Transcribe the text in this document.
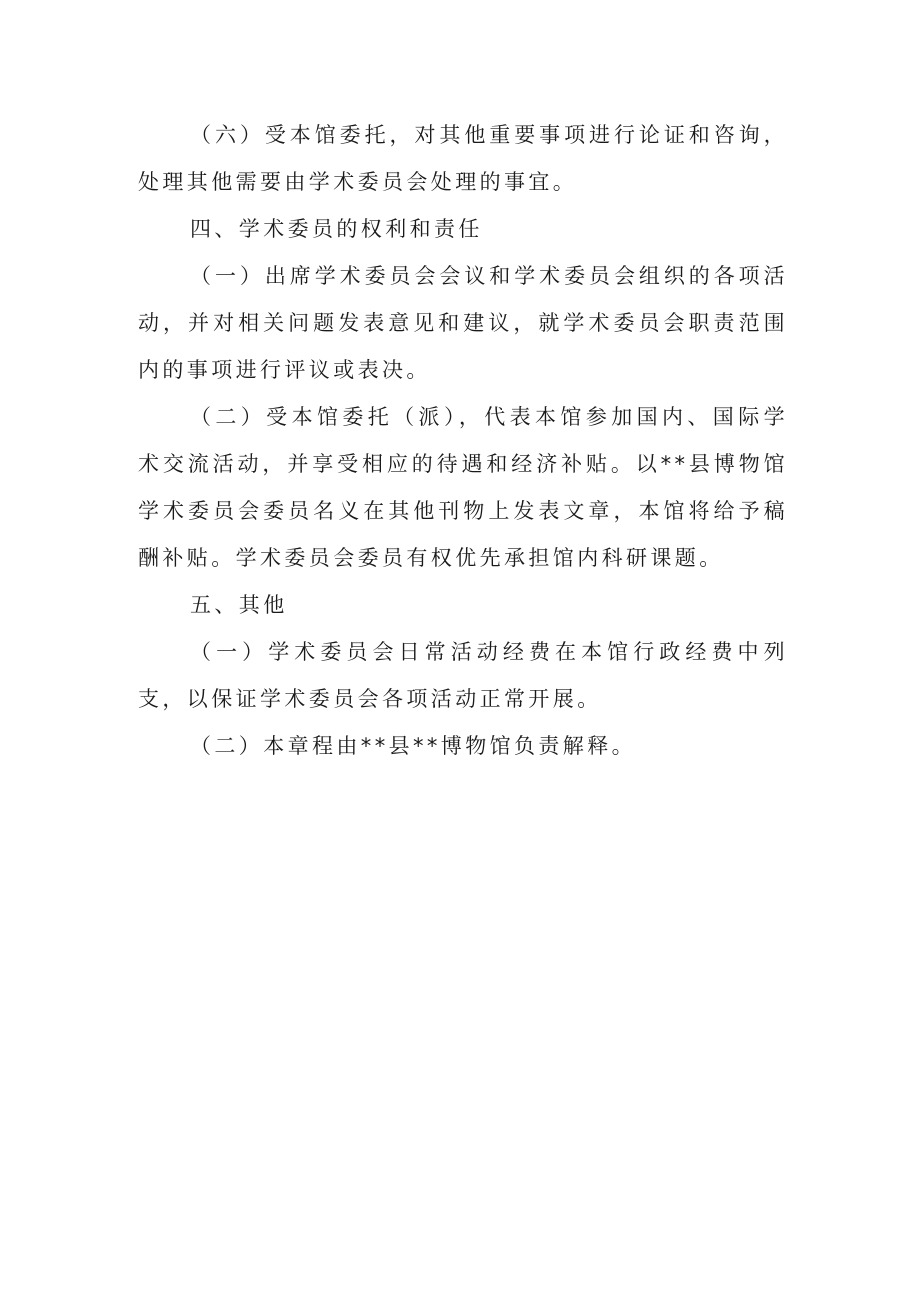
（六）受本馆委托，对其他重要事项进行论证和咨询，处理其他需要由学术委员会处理的事宜。

四、学术委员的权利和责任

（一）出席学术委员会会议和学术委员会组织的各项活动，并对相关问题发表意见和建议，就学术委员会职责范围内的事项进行评议或表决。

（二）受本馆委托（派），代表本馆参加国内、国际学术交流活动，并享受相应的待遇和经济补贴。以**县博物馆学术委员会委员名义在其他刊物上发表文章，本馆将给予稿酬补贴。学术委员会委员有权优先承担馆内科研课题。

五、其他

（一）学术委员会日常活动经费在本馆行政经费中列支，以保证学术委员会各项活动正常开展。

（二）本章程由**县**博物馆负责解释。
